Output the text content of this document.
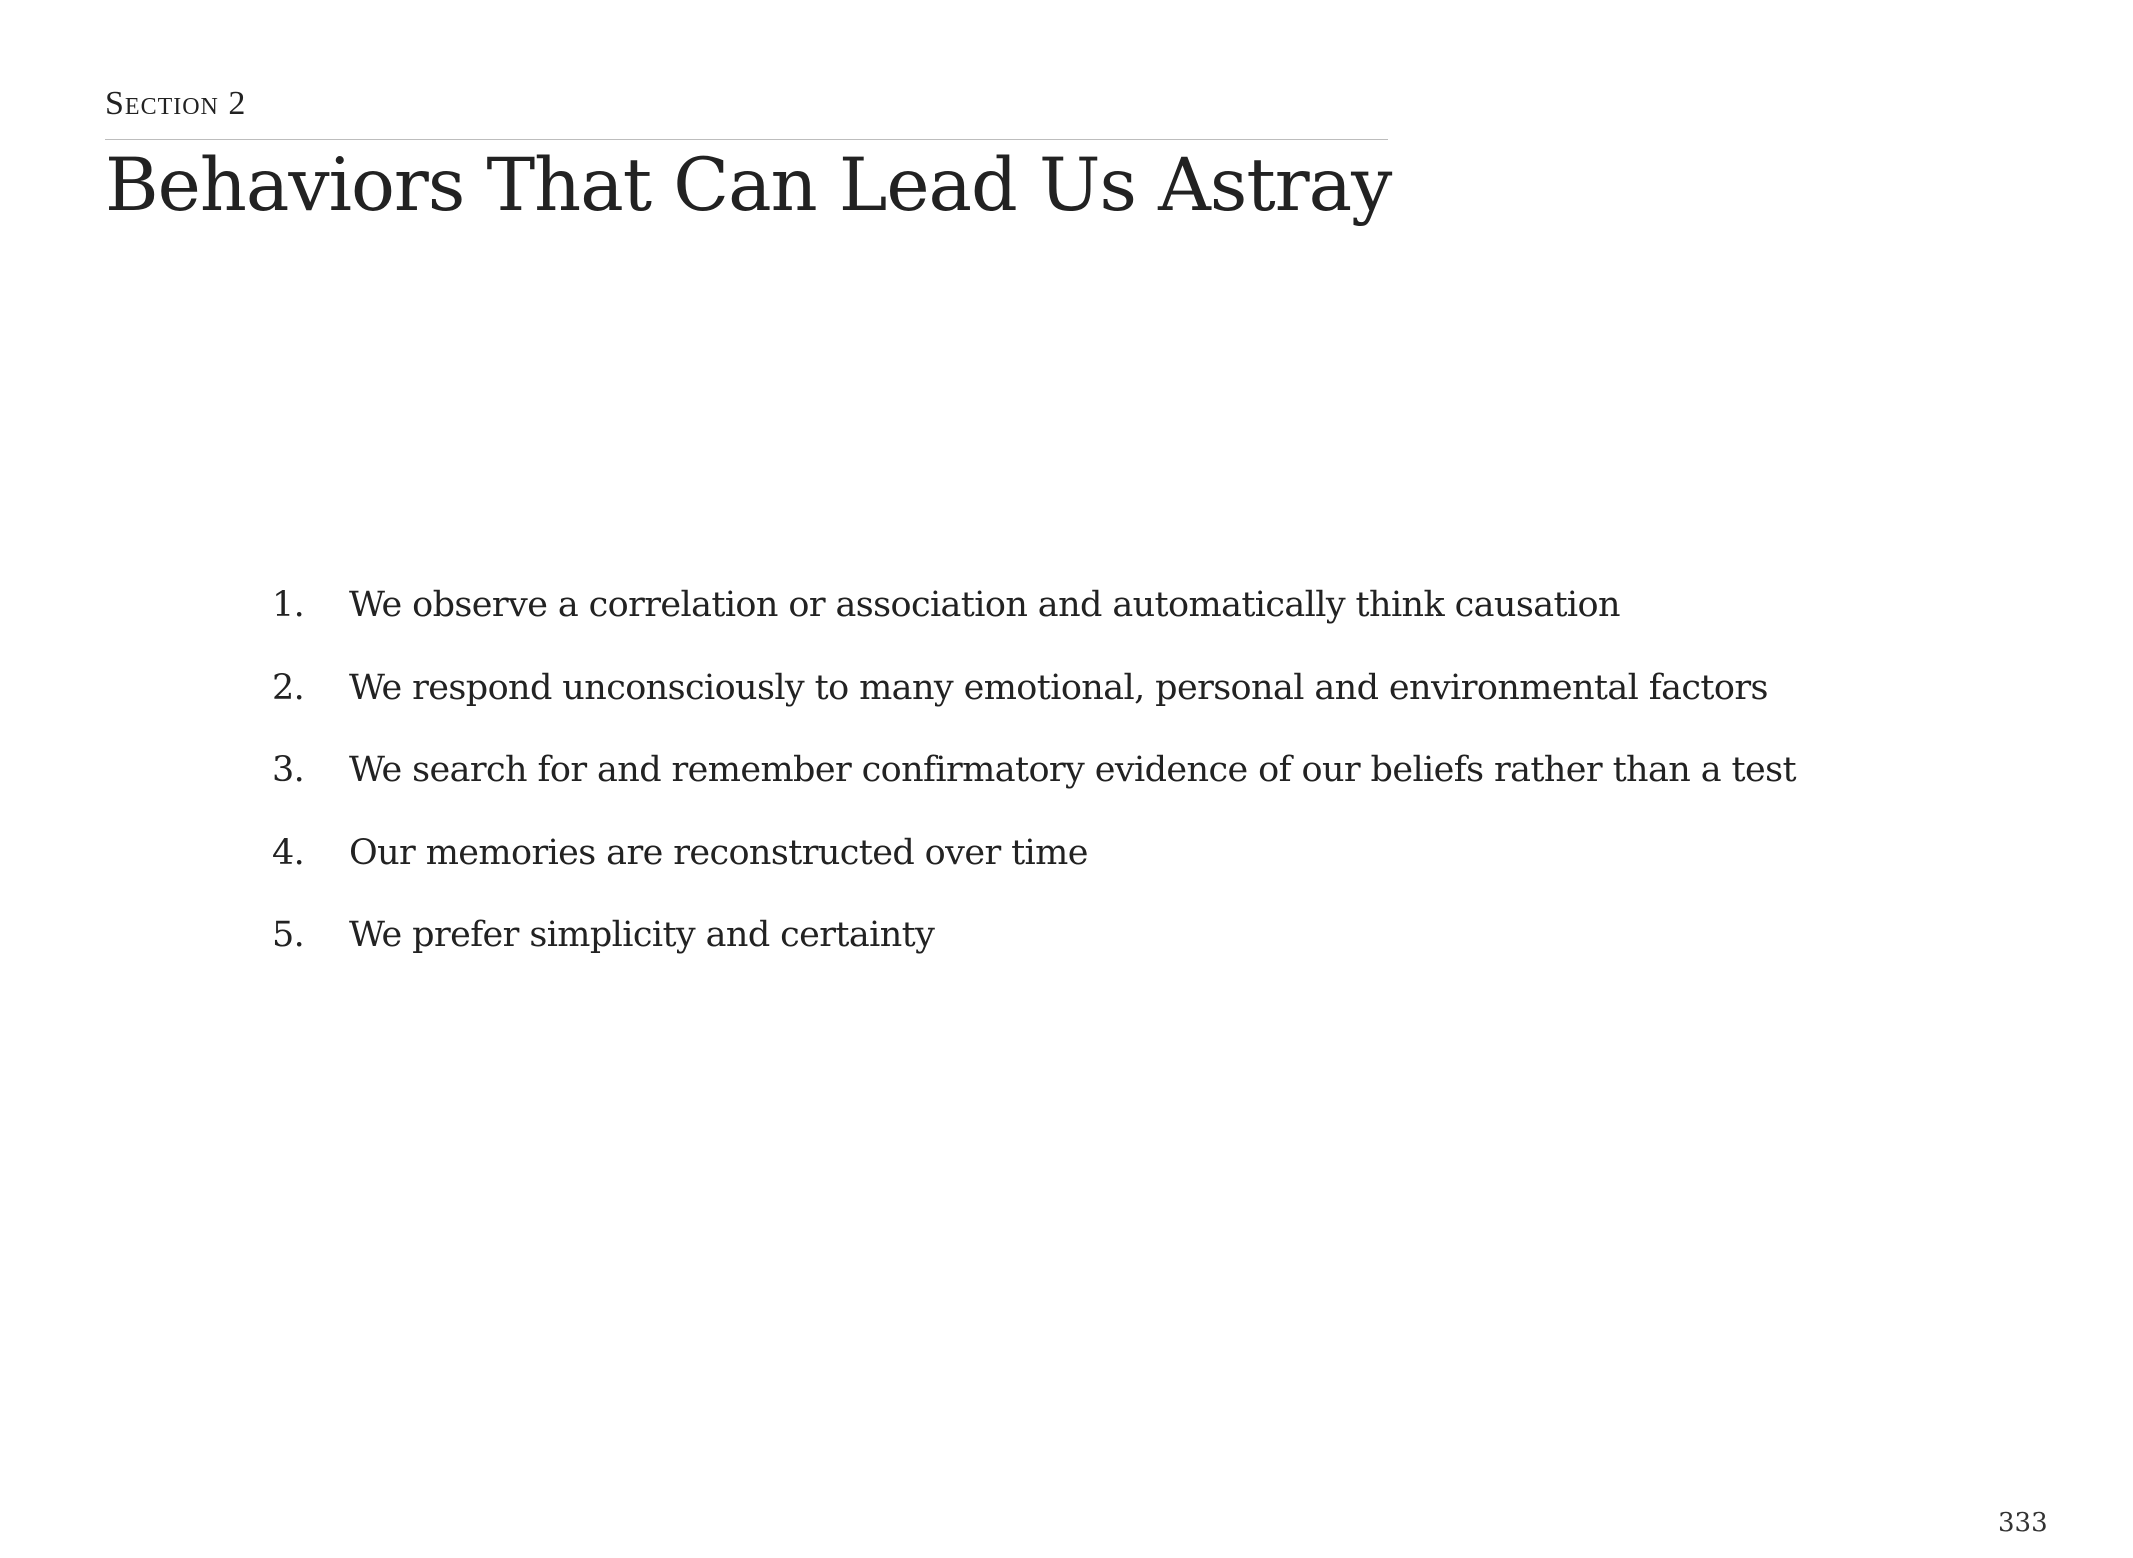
Section 2
Behaviors That Can Lead Us Astray
1.	We observe a correlation or association and automatically think causation
2.	We respond unconsciously to many emotional, personal and environmental factors
3.	We search for and remember confirmatory evidence of our beliefs rather than a test
4.	Our memories are reconstructed over time
5.	We prefer simplicity and certainty
333
